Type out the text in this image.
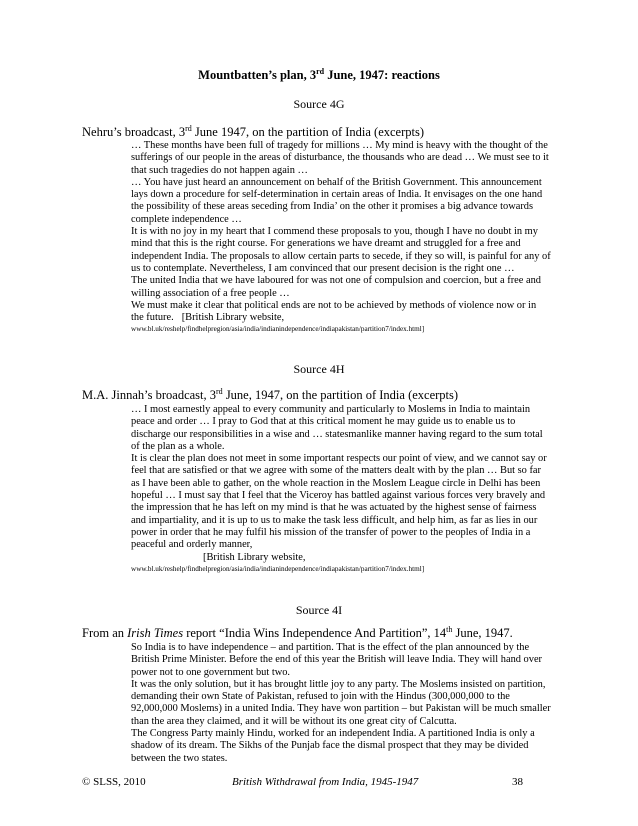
Mountbatten’s plan, 3rd June, 1947: reactions
Source 4G
Nehru’s broadcast, 3rd June 1947, on the partition of India (excerpts)

… These months have been full of tragedy for millions … My mind is heavy with the thought of the sufferings of our people in the areas of disturbance, the thousands who are dead … We must see to it that such tragedies do not happen again …

… You have just heard an announcement on behalf of the British Government. This announcement lays down a procedure for self-determination in certain areas of India. It envisages on the one hand the possibility of these areas seceding from India’ on the other it promises a big advance towards complete independence …

It is with no joy in my heart that I commend these proposals to you, though I have no doubt in my mind that this is the right course. For generations we have dreamt and struggled for a free and independent India. The proposals to allow certain parts to secede, if they so will, is painful for any of us to contemplate. Nevertheless, I am convinced that our present decision is the right one …

The united India that we have laboured for was not one of compulsion and coercion, but a free and willing association of a free people …

We must make it clear that political ends are not to be achieved by methods of violence now or in the future. [British Library website,

www.bl.uk/reshelp/findhelpregion/asia/india/indianindependence/indiapakistan/partition7/index.html]

Source 4H
M.A. Jinnah’s broadcast, 3rd June, 1947, on the partition of India (excerpts)

… I most earnestly appeal to every community and particularly to Moslems in India to maintain peace and order … I pray to God that at this critical moment he may guide us to enable us to discharge our responsibilities in a wise and … statesmanlike manner having regard to the sum total of the plan as a whole.

It is clear the plan does not meet in some important respects our point of view, and we cannot say or feel that are satisfied or that we agree with some of the matters dealt with by the plan … But so far as I have been able to gather, on the whole reaction in the Moslem League circle in Delhi has been hopeful … I must say that I feel that the Viceroy has battled against various forces very bravely and the impression that he has left on my mind is that he was actuated by the highest sense of fairness and impartiality, and it is up to us to make the task less difficult, and help him, as far as lies in our power in order that he may fulfil his mission of the transfer of power to the peoples of India in a peaceful and orderly manner,

[British Library website,

www.bl.uk/reshelp/findhelpregion/asia/india/indianindependence/indiapakistan/partition7/index.html]

Source 4I
From an Irish Times report “India Wins Independence And Partition”, 14th June, 1947.

So India is to have independence – and partition. That is the effect of the plan announced by the British Prime Minister. Before the end of this year the British will leave India. They will hand over power not to one government but two.

It was the only solution, but it has brought little joy to any party. The Moslems insisted on partition, demanding their own State of Pakistan, refused to join with the Hindus (300,000,000 to the 92,000,000 Moslems) in a united India. They have won partition – but Pakistan will be much smaller than the area they claimed, and it will be without its one great city of Calcutta.

The Congress Party mainly Hindu, worked for an independent India. A partitioned India is only a shadow of its dream. The Sikhs of the Punjab face the dismal prospect that they may be divided between the two states.

© SLSS, 2010	British Withdrawal from India, 1945-1947	38
